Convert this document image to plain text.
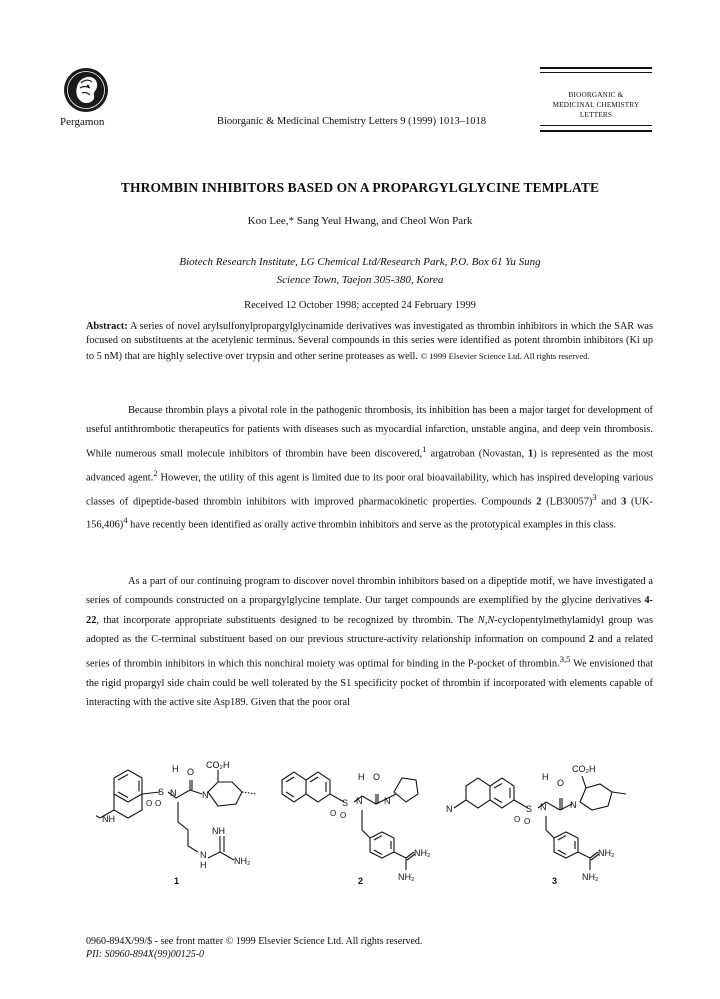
Pergamon	Bioorganic & Medicinal Chemistry Letters 9 (1999) 1013–1018
BIOORGANIC &
MEDICINAL CHEMISTRY
LETTERS
THROMBIN INHIBITORS BASED ON A PROPARGYLGLYCINE TEMPLATE
Koo Lee,* Sang Yeul Hwang, and Cheol Won Park
Biotech Research Institute, LG Chemical Ltd/Research Park, P.O. Box 61 Yu Sung
Science Town, Taejon 305-380, Korea
Received 12 October 1998; accepted 24 February 1999
Abstract: A series of novel arylsulfonylpropargylglycinamide derivatives was investigated as thrombin inhibitors in which the SAR was focused on substituents at the acetylenic terminus. Several compounds in this series were identified as potent thrombin inhibitors (Ki up to 5 nM) that are highly selective over trypsin and other serine proteases as well. © 1999 Elsevier Science Ltd. All rights reserved.
Because thrombin plays a pivotal role in the pathogenic thrombosis, its inhibition has been a major target for development of useful antithrombotic therapeutics for patients with diseases such as myocardial infarction, unstable angina, and deep vein thrombosis. While numerous small molecule inhibitors of thrombin have been discovered,$^1$ argatroban (Novastan, 1) is represented as the most advanced agent.$^2$ However, the utility of this agent is limited due to its poor oral bioavailability, which has inspired developing various classes of dipeptide-based thrombin inhibitors with improved pharmacokinetic properties. Compounds 2 $(LB30057)^3$ and 3 $(UK-156,406)^4$ have recently been identified as orally active thrombin inhibitors and serve as the prototypical examples in this class.
As a part of our continuing program to discover novel thrombin inhibitors based on a dipeptide motif, we have investigated a series of compounds constructed on a propargylglycine template. Our target compounds are exemplified by the glycine derivatives 4-22, that incorporate appropriate substituents designed to be recognized by thrombin. The N,N-cyclopentylmethylamidyl group was adopted as the C-terminal substituent based on our previous structure-activity relationship information on compound 2 and a related series of thrombin inhibitors in which this nonchiral moiety was optimal for binding in the P-pocket of thrombin.$^{3,5}$ We envisioned that the rigid propargyl side chain could be well tolerated by the S1 specificity pocket of thrombin if incorporated with elements capable of interacting with the active site Asp189. Given that the poor oral
S
O O
H
N
O
N
CO₂H
NH
NH
N
H	NH₂
1
S
O O
H
N
O
N
NH₂
NH₂
2
S
O O
H
N
O
N
N
CO₂H
NH₂
NH₂
3
0960-894X/99/$ - see front matter © 1999 Elsevier Science Ltd. All rights reserved.
PII: S0960-894X(99)00125-0
